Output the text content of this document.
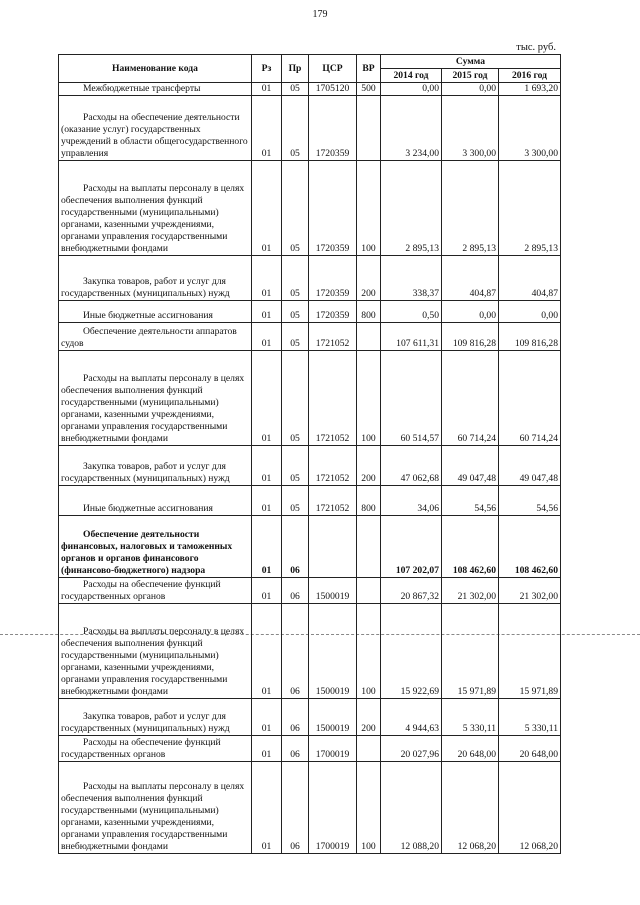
179
тыс. руб.
Наименование кода	Рз	Пр	ЦСР	ВР	Сумма		
					2014 год	2015 год	2016 год
Межбюджетные трансферты	01	05	1705120	500	0,00	0,00	1 693,20
Расходы на обеспечение деятельности (оказание услуг) государственных учреждений в области общегосударственного управления	01	05	1720359		3 234,00	3 300,00	3 300,00
Расходы на выплаты персоналу в целях обеспечения выполнения функций государственными (муниципальными) органами, казенными учреждениями, органами управления государственными внебюджетными фондами	01	05	1720359	100	2 895,13	2 895,13	2 895,13
Закупка товаров, работ и услуг для государственных (муниципальных) нужд	01	05	1720359	200	338,37	404,87	404,87
Иные бюджетные ассигнования	01	05	1720359	800	0,50	0,00	0,00
Обеспечение деятельности аппаратов судов	01	05	1721052		107 611,31	109 816,28	109 816,28
Расходы на выплаты персоналу в целях обеспечения выполнения функций государственными (муниципальными) органами, казенными учреждениями, органами управления государственными внебюджетными фондами	01	05	1721052	100	60 514,57	60 714,24	60 714,24
Закупка товаров, работ и услуг для государственных (муниципальных) нужд	01	05	1721052	200	47 062,68	49 047,48	49 047,48
Иные бюджетные ассигнования	01	05	1721052	800	34,06	54,56	54,56
Обеспечение деятельности финансовых, налоговых и таможенных органов и органов финансового (финансово-бюджетного) надзора	01	06			107 202,07	108 462,60	108 462,60
Расходы на обеспечение функций государственных органов	01	06	1500019		20 867,32	21 302,00	21 302,00
Расходы на выплаты персоналу в целях обеспечения выполнения функций государственными (муниципальными) органами, казенными учреждениями, органами управления государственными внебюджетными фондами	01	06	1500019	100	15 922,69	15 971,89	15 971,89
Закупка товаров, работ и услуг для государственных (муниципальных) нужд	01	06	1500019	200	4 944,63	5 330,11	5 330,11
Расходы на обеспечение функций государственных органов	01	06	1700019		20 027,96	20 648,00	20 648,00
Расходы на выплаты персоналу в целях обеспечения выполнения функций государственными (муниципальными) органами, казенными учреждениями, органами управления государственными внебюджетными фондами	01	06	1700019	100	12 088,20	12 068,20	12 068,20
